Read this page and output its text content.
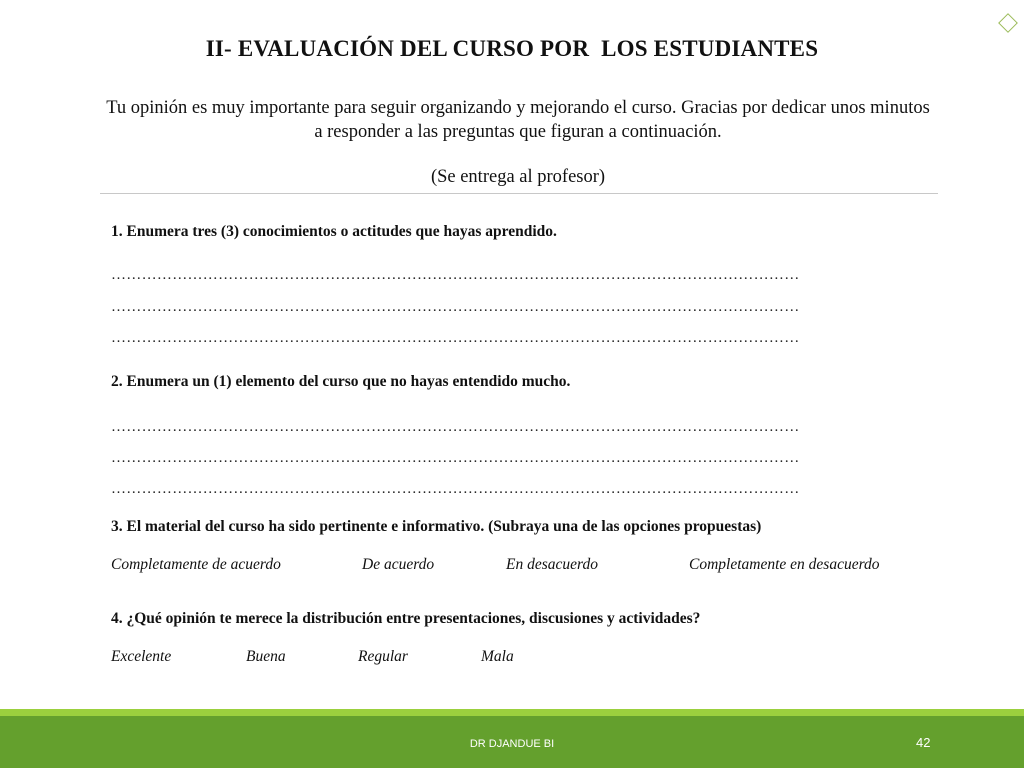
II- EVALUACIÓN DEL CURSO POR  LOS ESTUDIANTES
Tu opinión es muy importante para seguir organizando y mejorando el curso. Gracias por dedicar unos minutos a responder a las preguntas que figuran a continuación.
(Se entrega al profesor)
1. Enumera tres (3) conocimientos o actitudes que hayas aprendido.
………………………………………………………………………………………………………………………
………………………………………………………………………………………………………………………
………………………………………………………………………………………………………………………
2. Enumera un (1) elemento del curso que no hayas entendido mucho.
………………………………………………………………………………………………………………………
………………………………………………………………………………………………………………………
………………………………………………………………………………………………………………………
3. El material del curso ha sido pertinente e informativo. (Subraya una de las opciones propuestas)
Completamente de acuerdo	De acuerdo	En desacuerdo	Completamente en desacuerdo
4. ¿Qué opinión te merece la distribución entre presentaciones, discusiones y actividades?
Excelente	Buena	Regular	Mala
DR DJANDUE BI	42
